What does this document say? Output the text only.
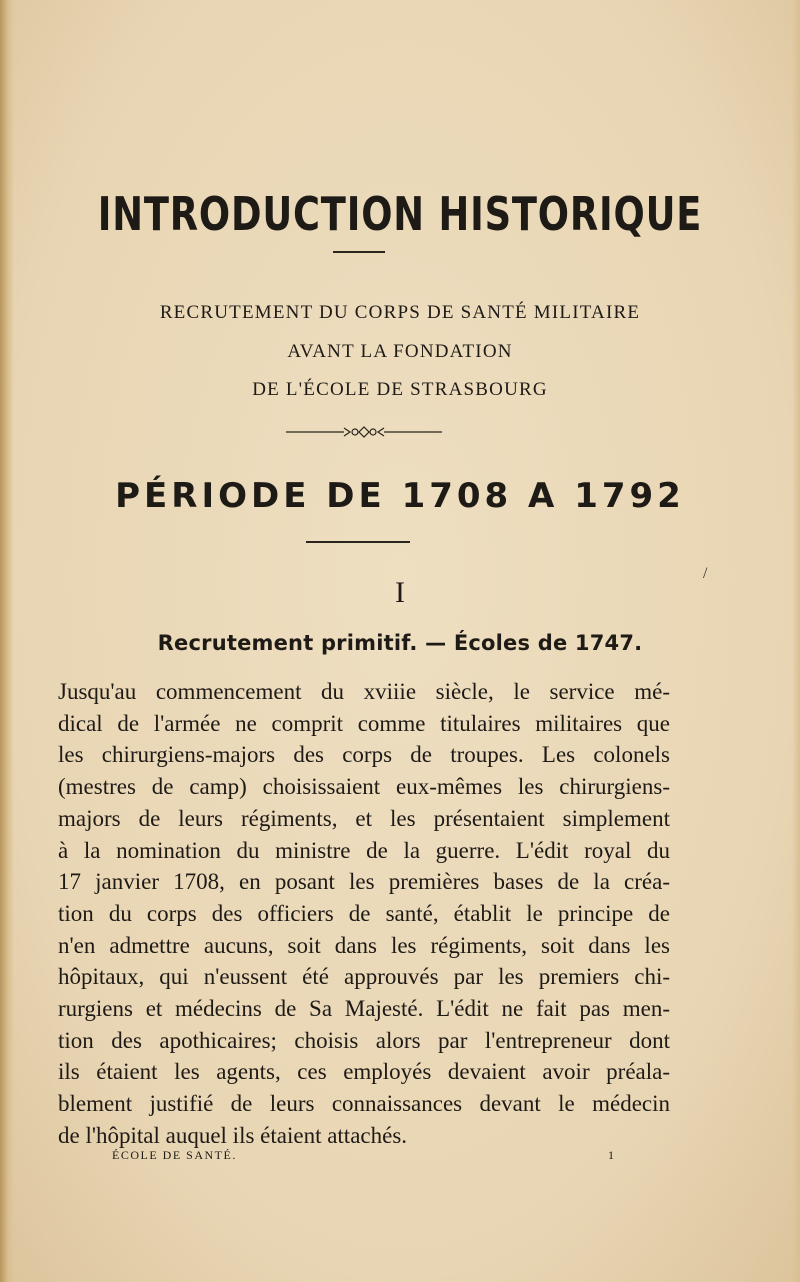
INTRODUCTION HISTORIQUE

RECRUTEMENT DU CORPS DE SANTÉ MILITAIRE

AVANT LA FONDATION

DE L'ÉCOLE DE STRASBOURG

PÉRIODE DE 1708 A 1792

I

Recrutement primitif. — Écoles de 1747.
Jusqu'au commencement du xviiie siècle, le service mé-
dical de l'armée ne comprit comme titulaires militaires que
les chirurgiens-majors des corps de troupes. Les colonels
(mestres de camp) choisissaient eux-mêmes les chirurgiens-
majors de leurs régiments, et les présentaient simplement
à la nomination du ministre de la guerre. L'édit royal du
17 janvier 1708, en posant les premières bases de la créa-
tion du corps des officiers de santé, établit le principe de
n'en admettre aucuns, soit dans les régiments, soit dans les
hôpitaux, qui n'eussent été approuvés par les premiers chi-
rurgiens et médecins de Sa Majesté. L'édit ne fait pas men-
tion des apothicaires; choisis alors par l'entrepreneur dont
ils étaient les agents, ces employés devaient avoir préala-
blement justifié de leurs connaissances devant le médecin
de l'hôpital auquel ils étaient attachés.
ÉCOLE DE SANTÉ.	1
/
